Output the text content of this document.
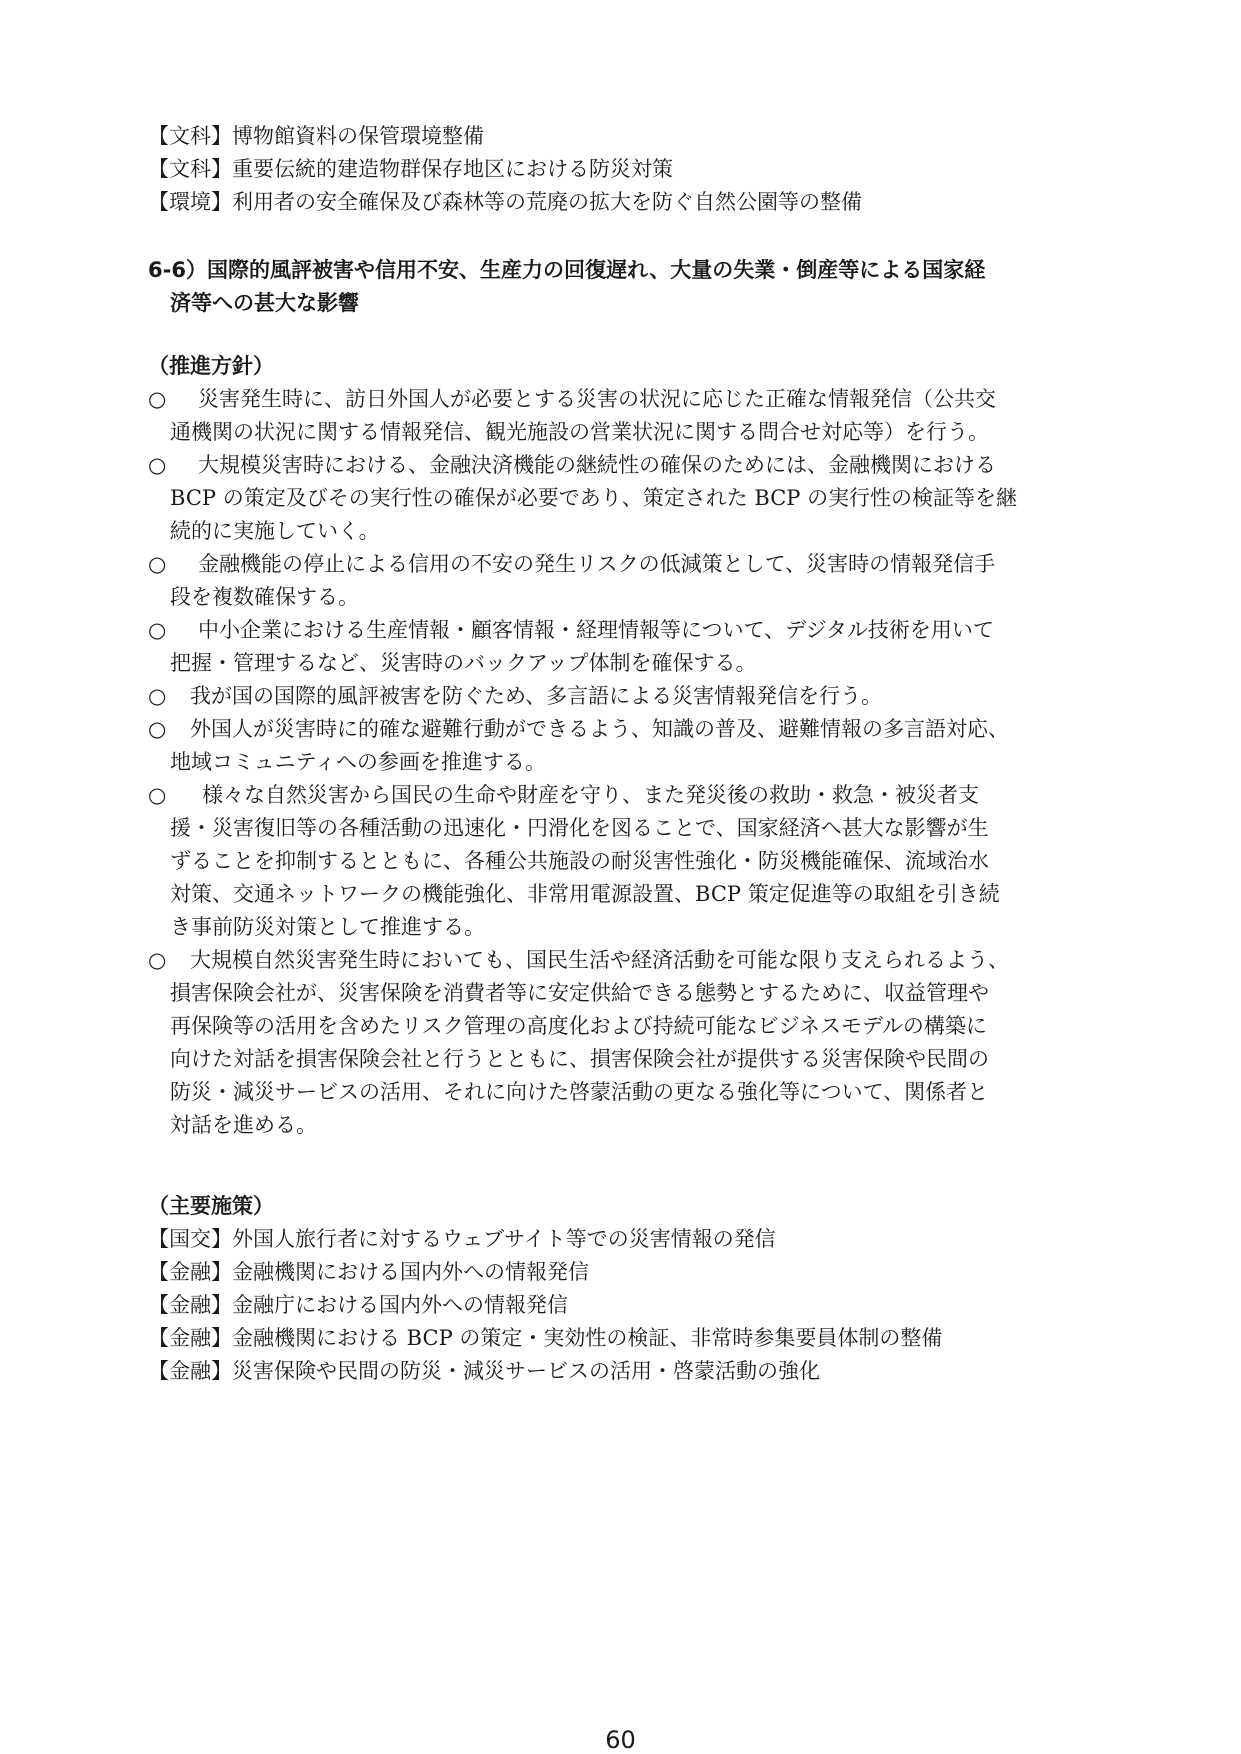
【文科】博物館資料の保管環境整備
【文科】重要伝統的建造物群保存地区における防災対策
【環境】利用者の安全確保及び森林等の荒廃の拡大を防ぐ自然公園等の整備
6-6）国際的風評被害や信用不安、生産力の回復遅れ、大量の失業・倒産等による国家経
済等への甚大な影響
（推進方針）
○	災害発生時に、訪日外国人が必要とする災害の状況に応じた正確な情報発信（公共交
通機関の状況に関する情報発信、観光施設の営業状況に関する問合せ対応等）を行う。
○	大規模災害時における、金融決済機能の継続性の確保のためには、金融機関における
BCP の策定及びその実行性の確保が必要であり、策定された BCP の実行性の検証等を継
続的に実施していく。
○	金融機能の停止による信用の不安の発生リスクの低減策として、災害時の情報発信手
段を複数確保する。
○	中小企業における生産情報・顧客情報・経理情報等について、デジタル技術を用いて
把握・管理するなど、災害時のバックアップ体制を確保する。
○	我が国の国際的風評被害を防ぐため、多言語による災害情報発信を行う。
○	外国人が災害時に的確な避難行動ができるよう、知識の普及、避難情報の多言語対応、
地域コミュニティへの参画を推進する。
○	様々な自然災害から国民の生命や財産を守り、また発災後の救助・救急・被災者支
援・災害復旧等の各種活動の迅速化・円滑化を図ることで、国家経済へ甚大な影響が生
ずることを抑制するとともに、各種公共施設の耐災害性強化・防災機能確保、流域治水
対策、交通ネットワークの機能強化、非常用電源設置、BCP 策定促進等の取組を引き続
き事前防災対策として推進する。
○	大規模自然災害発生時においても、国民生活や経済活動を可能な限り支えられるよう、
損害保険会社が、災害保険を消費者等に安定供給できる態勢とするために、収益管理や
再保険等の活用を含めたリスク管理の高度化および持続可能なビジネスモデルの構築に
向けた対話を損害保険会社と行うとともに、損害保険会社が提供する災害保険や民間の
防災・減災サービスの活用、それに向けた啓蒙活動の更なる強化等について、関係者と
対話を進める。
（主要施策）
【国交】外国人旅行者に対するウェブサイト等での災害情報の発信
【金融】金融機関における国内外への情報発信
【金融】金融庁における国内外への情報発信
【金融】金融機関における BCP の策定・実効性の検証、非常時参集要員体制の整備
【金融】災害保険や民間の防災・減災サービスの活用・啓蒙活動の強化
60
